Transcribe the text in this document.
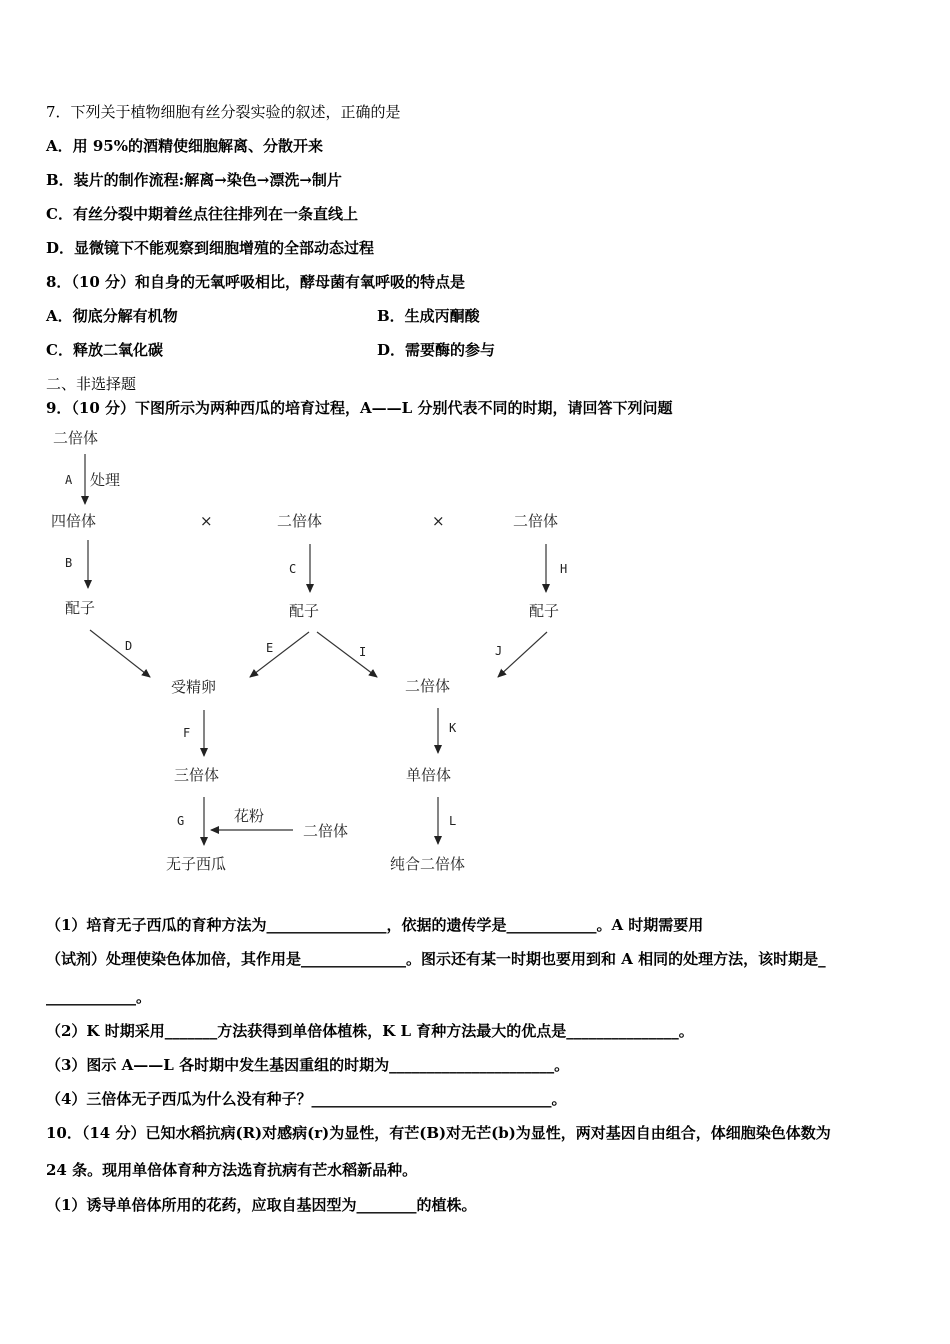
7．下列关于植物细胞有丝分裂实验的叙述，正确的是
A．用 95%的酒精使细胞解离、分散开来
B．装片的制作流程:解离→染色→漂洗→制片
C．有丝分裂中期着丝点往往排列在一条直线上
D．显微镜下不能观察到细胞增殖的全部动态过程
8．（10 分）和自身的无氧呼吸相比，酵母菌有氧呼吸的特点是
A．彻底分解有机物	B．生成丙酮酸
C．释放二氧化碳	D．需要酶的参与
二、非选择题
9．（10 分）下图所示为两种西瓜的培育过程，A——L 分别代表不同的时期，请回答下列问题
二倍体
处理
四倍体	×	二倍体	×	二倍体
配子	配子	配子
受精卵	二倍体
三倍体	单倍体
花粉
二倍体
无子西瓜	纯合二倍体
A
B	C	H
D	E	I	J
F	K
G	L
（1）培育无子西瓜的育种方法为________________，依据的遗传学是____________。A 时期需要用
（试剂）处理使染色体加倍，其作用是______________。图示还有某一时期也要用到和 A 相同的处理方法，该时期是_
____________。
（2）K 时期采用_______方法获得到单倍体植株，K L 育种方法最大的优点是_______________。
（3）图示 A——L 各时期中发生基因重组的时期为______________________。
（4）三倍体无子西瓜为什么没有种子？________________________________。
10．（14 分）已知水稻抗病(R)对感病(r)为显性，有芒(B)对无芒(b)为显性，两对基因自由组合，体细胞染色体数为
24 条。现用单倍体育种方法选育抗病有芒水稻新品种。
（1）诱导单倍体所用的花药，应取自基因型为________的植株。
